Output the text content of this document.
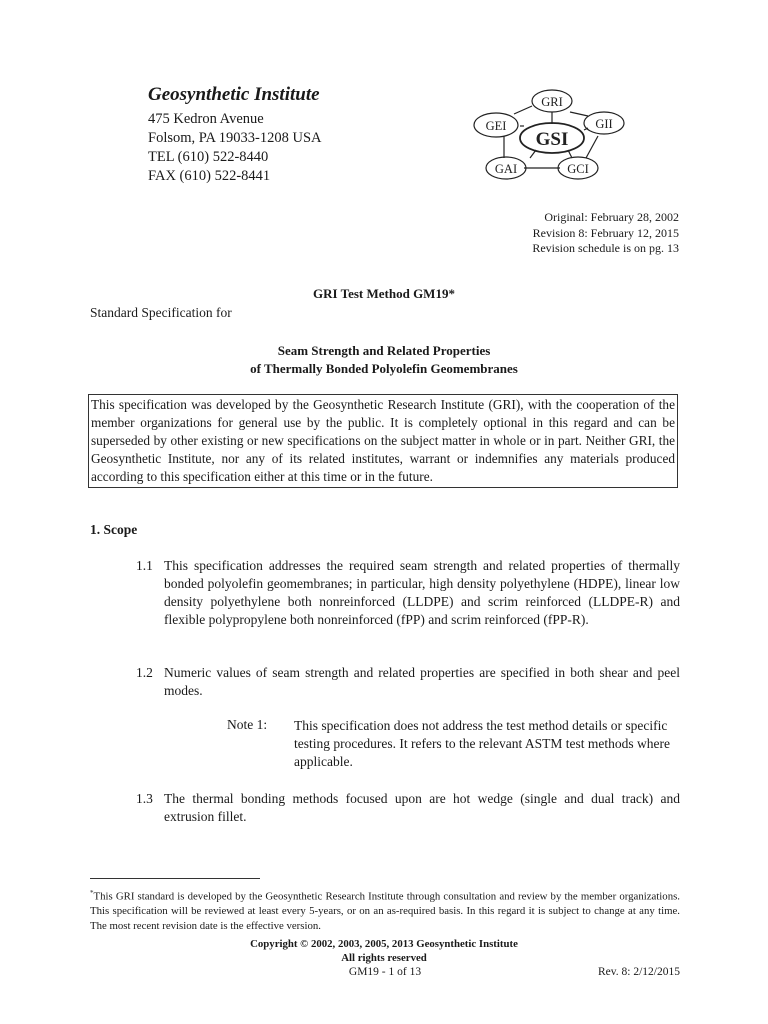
Geosynthetic Institute
475 Kedron Avenue
Folsom, PA 19033-1208 USA
TEL (610) 522-8440
FAX (610) 522-8441
GSI
GRI
GII
GCI
GAI
GEI
Original: February 28, 2002
Revision 8: February 12, 2015
Revision schedule is on pg. 13
GRI Test Method GM19*
Standard Specification for
Seam Strength and Related Properties
of Thermally Bonded Polyolefin Geomembranes
This specification was developed by the Geosynthetic Research Institute (GRI), with the cooperation of the member organizations for general use by the public. It is completely optional in this regard and can be superseded by other existing or new specifications on the subject matter in whole or in part. Neither GRI, the Geosynthetic Institute, nor any of its related institutes, warrant or indemnifies any materials produced according to this specification either at this time or in the future.
1. Scope
1.1 This specification addresses the required seam strength and related properties of thermally bonded polyolefin geomembranes; in particular, high density polyethylene (HDPE), linear low density polyethylene both nonreinforced (LLDPE) and scrim reinforced (LLDPE-R) and flexible polypropylene both nonreinforced (fPP) and scrim reinforced (fPP-R).
1.2 Numeric values of seam strength and related properties are specified in both shear and peel modes.
Note 1: This specification does not address the test method details or specific testing procedures. It refers to the relevant ASTM test methods where applicable.
1.3 The thermal bonding methods focused upon are hot wedge (single and dual track) and extrusion fillet.
*This GRI standard is developed by the Geosynthetic Research Institute through consultation and review by the member organizations. This specification will be reviewed at least every 5-years, or on an as-required basis. In this regard it is subject to change at any time. The most recent revision date is the effective version.
Copyright © 2002, 2003, 2005, 2013 Geosynthetic Institute
All rights reserved
GM19 - 1 of 13	Rev. 8: 2/12/2015
